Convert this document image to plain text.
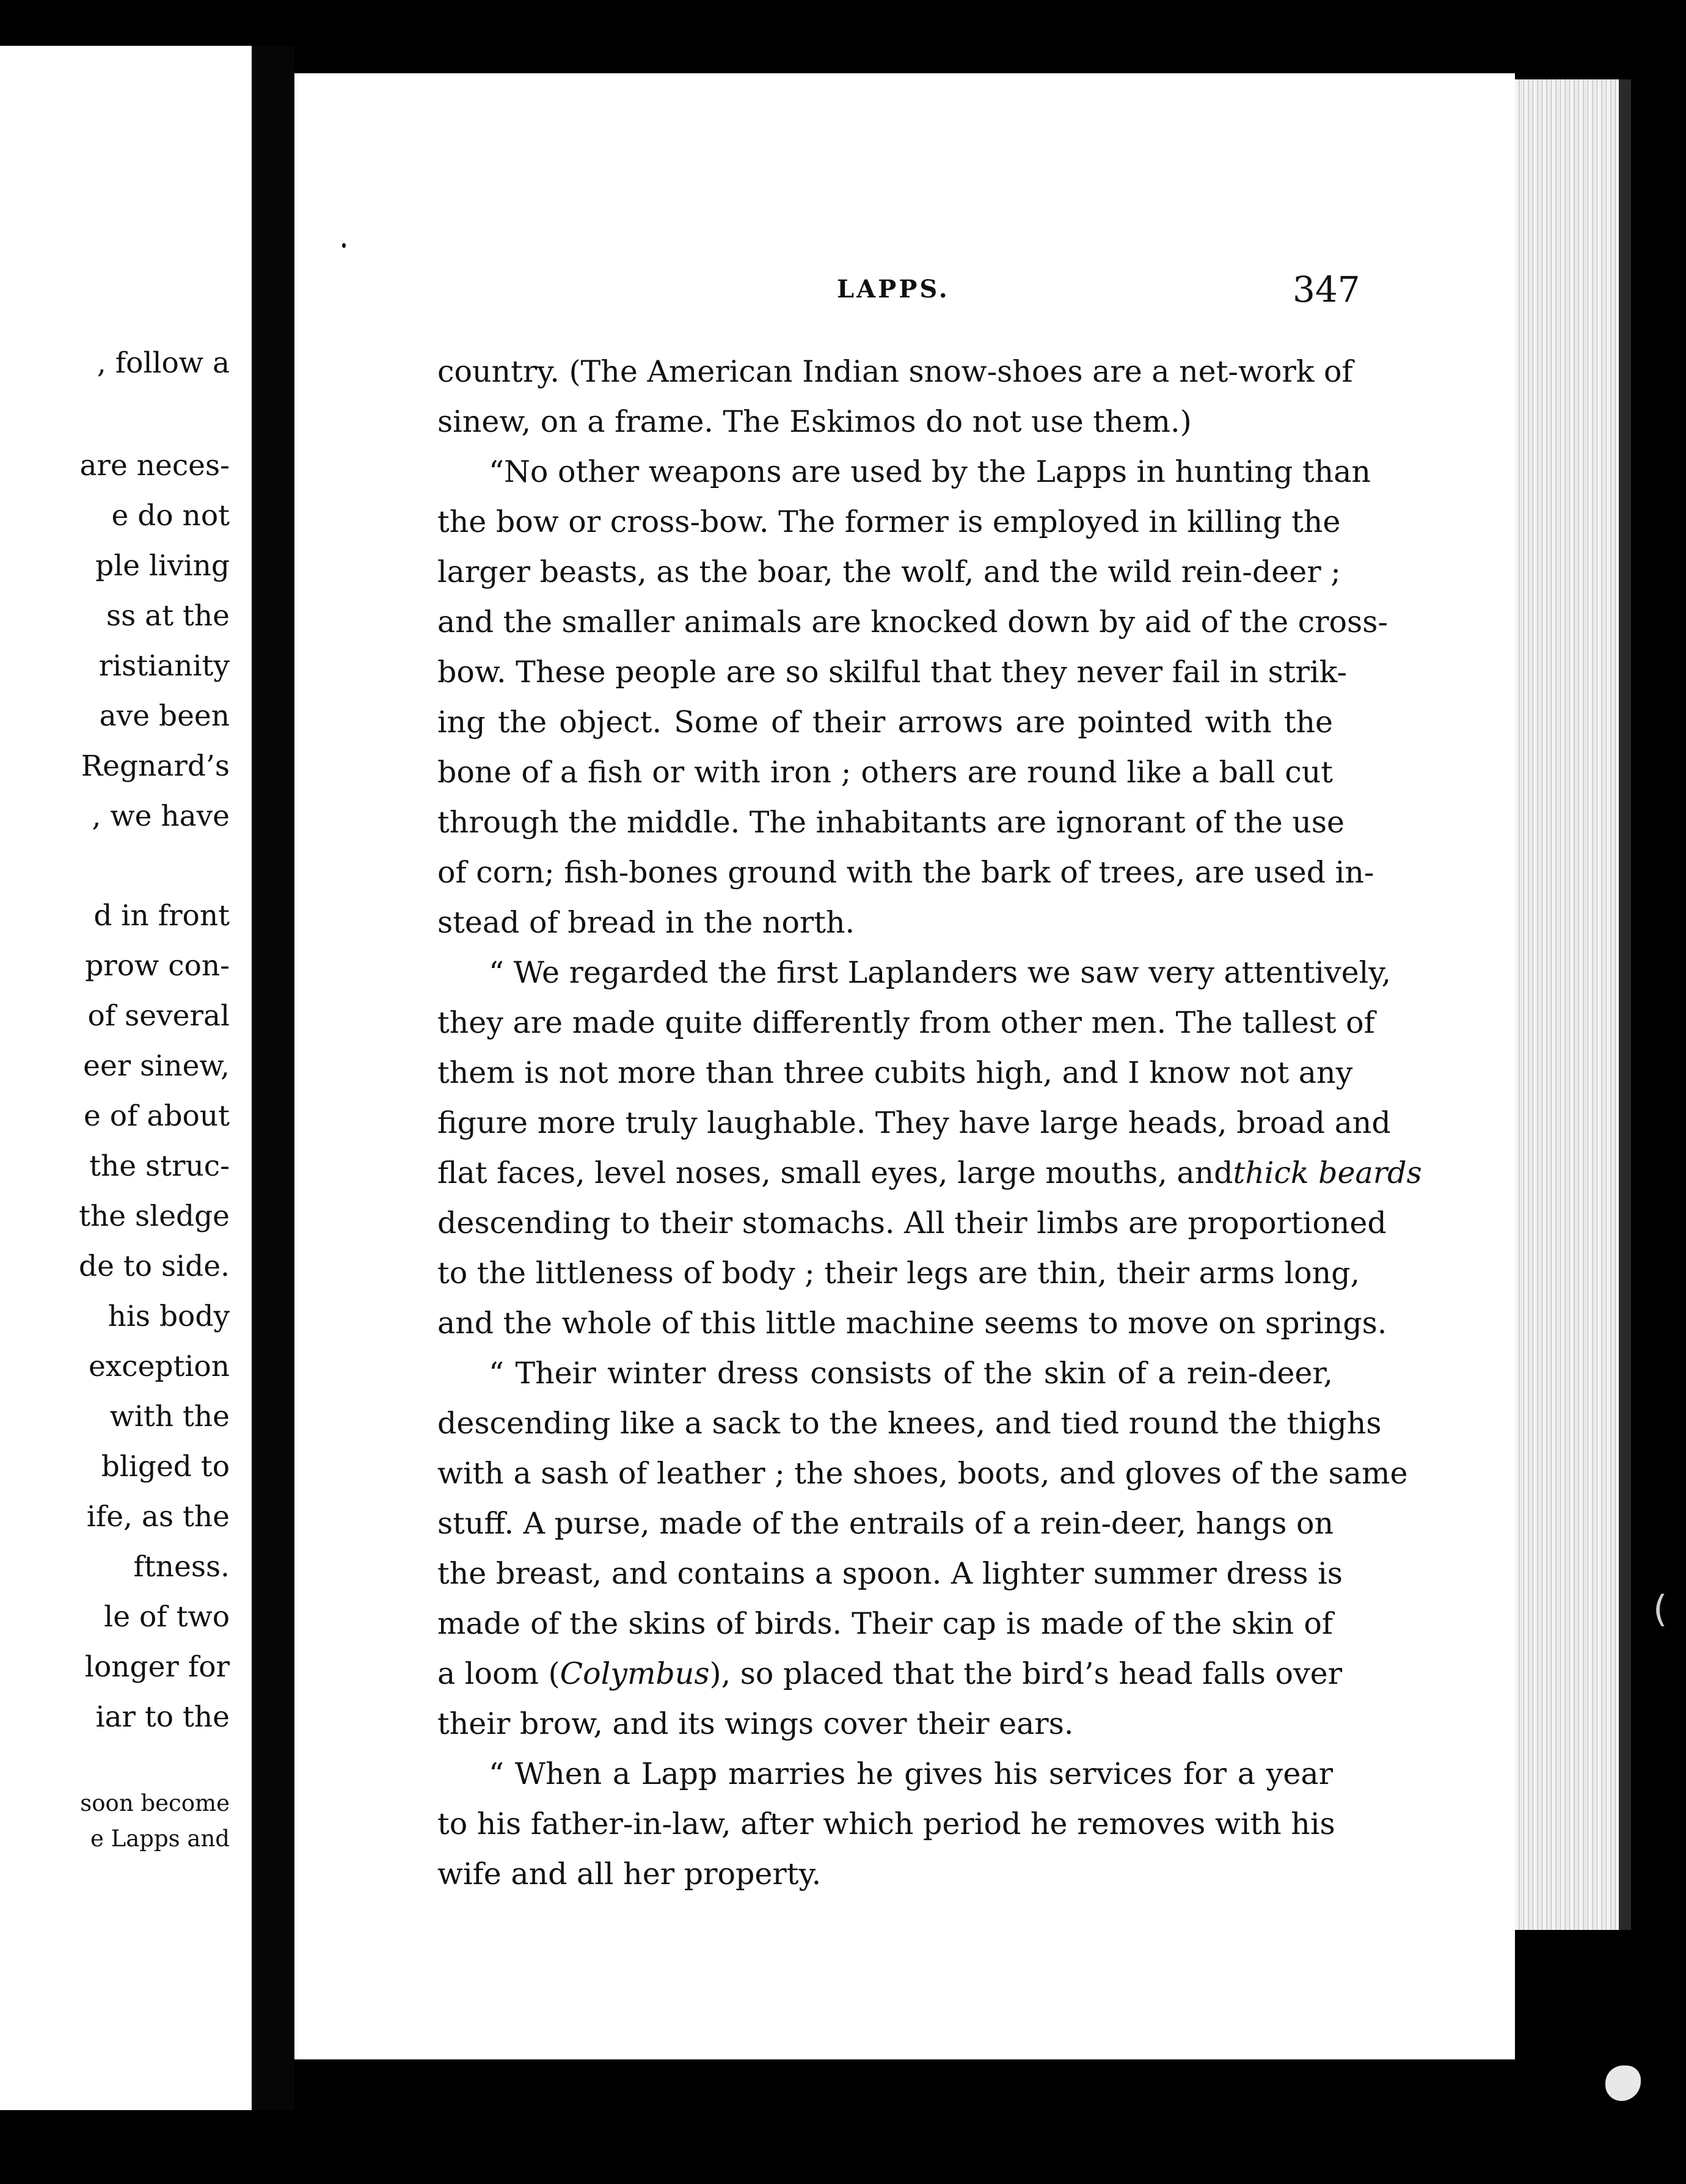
, follow a
are neces-
e do not
ple living
ss at the
ristianity
ave been
Regnard’s
, we have
d in front
prow con-
of several
eer sinew,
e of about
the struc-
the sledge
de to side.
his body
exception
with the
bliged to
ife, as the
ftness.
le of two
longer for
iar to the
soon become
e Lapps and
(
LAPPS.	347
country. (The American Indian snow-shoes are a net-work of
sinew, on a frame. The Eskimos do not use them.)
“No other weapons are used by the Lapps in hunting than
the bow or cross-bow. The former is employed in killing the
larger beasts, as the boar, the wolf, and the wild rein-deer ;
and the smaller animals are knocked down by aid of the cross-
bow. These people are so skilful that they never fail in strik-
ing the object. Some of their arrows are pointed with the
bone of a fish or with iron ; others are round like a ball cut
through the middle. The inhabitants are ignorant of the use
of corn; fish-bones ground with the bark of trees, are used in-
stead of bread in the north.
“ We regarded the first Laplanders we saw very attentively,
they are made quite differently from other men. The tallest of
them is not more than three cubits high, and I know not any
figure more truly laughable. They have large heads, broad and
flat faces, level noses, small eyes, large mouths, and thick beards
descending to their stomachs. All their limbs are proportioned
to the littleness of body ; their legs are thin, their arms long,
and the whole of this little machine seems to move on springs.
“ Their winter dress consists of the skin of a rein-deer,
descending like a sack to the knees, and tied round the thighs
with a sash of leather ; the shoes, boots, and gloves of the same
stuff. A purse, made of the entrails of a rein-deer, hangs on
the breast, and contains a spoon. A lighter summer dress is
made of the skins of birds. Their cap is made of the skin of
a loom ( Colymbus ), so placed that the bird’s head falls over
their brow, and its wings cover their ears.
“ When a Lapp marries he gives his services for a year
to his father-in-law, after which period he removes with his
wife and all her property.
